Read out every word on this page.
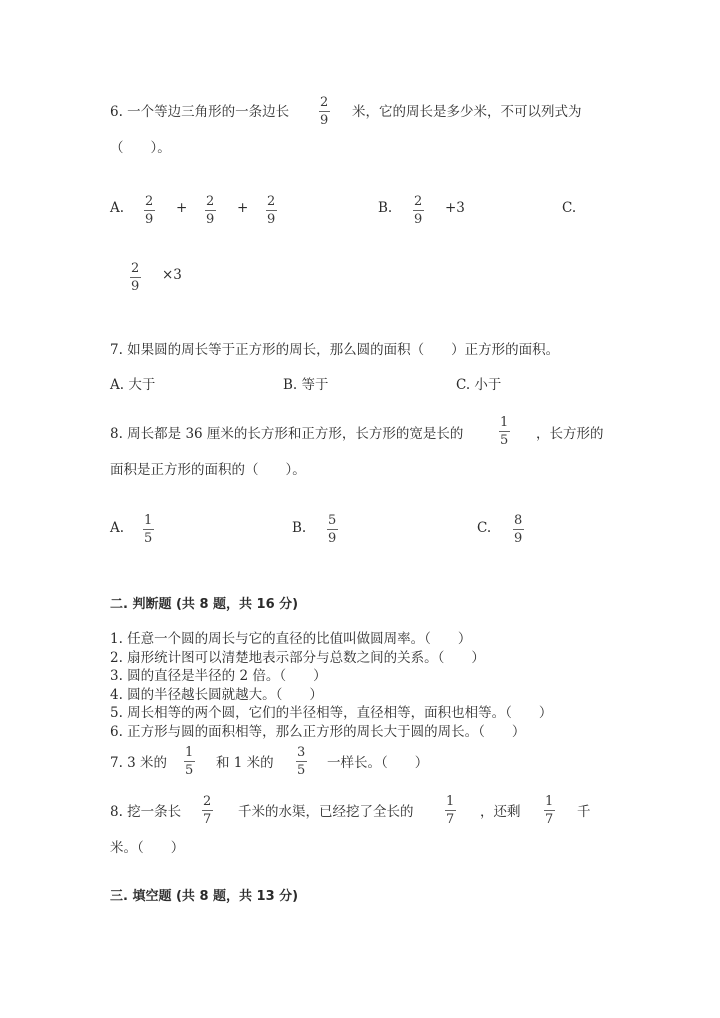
6. 一个等边三角形的一条边长
2
9
米，它的周长是多少米，不可以列式为
（　　）。
A. 2
9
+ 2
9
+ 2
9
B. 2
9
+3	C.
2
9
×3
7. 如果圆的周长等于正方形的周长，那么圆的面积（　　）正方形的面积。
A. 大于	B. 等于	C. 小于
8. 周长都是 36 厘米的长方形和正方形，长方形的宽是长的
1
5 ，长方形的
面积是正方形的面积的（　　）。
A. 1
5
B. 5
9
C. 8
9
二. 判断题 (共 8 题，共 16 分)
1. 任意一个圆的周长与它的直径的比值叫做圆周率。（　　）
2. 扇形统计图可以清楚地表示部分与总数之间的关系。（　　）
3. 圆的直径是半径的 2 倍。（　　）
4. 圆的半径越长圆就越大。（　　）
5. 周长相等的两个圆，它们的半径相等，直径相等，面积也相等。（　　）
6. 正方形与圆的面积相等，那么正方形的周长大于圆的周长。（　　）
7. 3 米的
1
5 和 1 米的
3
5 一样长。（　　）
8. 挖一条长
2
7 千米的水渠，已经挖了全长的
1
7 ，还剩
1
7 千
米。（　　）
三. 填空题 (共 8 题，共 13 分)
